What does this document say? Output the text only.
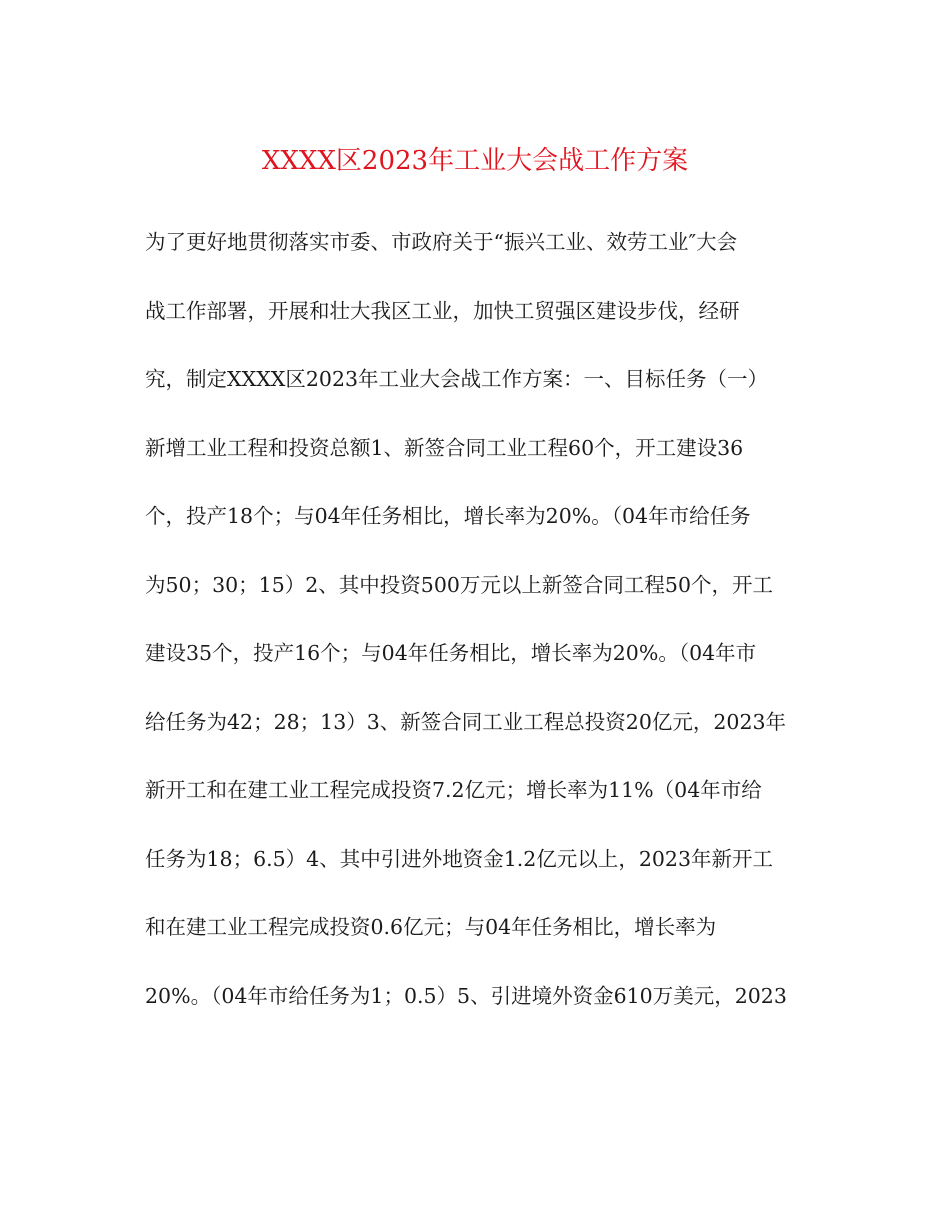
XXXX区2023年工业大会战工作方案
为了更好地贯彻落实市委、市政府关于“振兴工业、效劳工业″大会
战工作部署，开展和壮大我区工业，加快工贸强区建设步伐，经研
究，制定XXXX区2023年工业大会战工作方案：一、目标任务（一）
新增工业工程和投资总额1、新签合同工业工程60个，开工建设36
个，投产18个；与04年任务相比，增长率为20%。（04年市给任务
为50；30；15）2、其中投资500万元以上新签合同工程50个，开工
建设35个，投产16个；与04年任务相比，增长率为20%。（04年市
给任务为42；28；13）3、新签合同工业工程总投资20亿元，2023年
新开工和在建工业工程完成投资7.2亿元；增长率为11%（04年市给
任务为18；6.5）4、其中引进外地资金1.2亿元以上，2023年新开工
和在建工业工程完成投资0.6亿元；与04年任务相比，增长率为
20%。（04年市给任务为1；0.5）5、引进境外资金610万美元，2023
